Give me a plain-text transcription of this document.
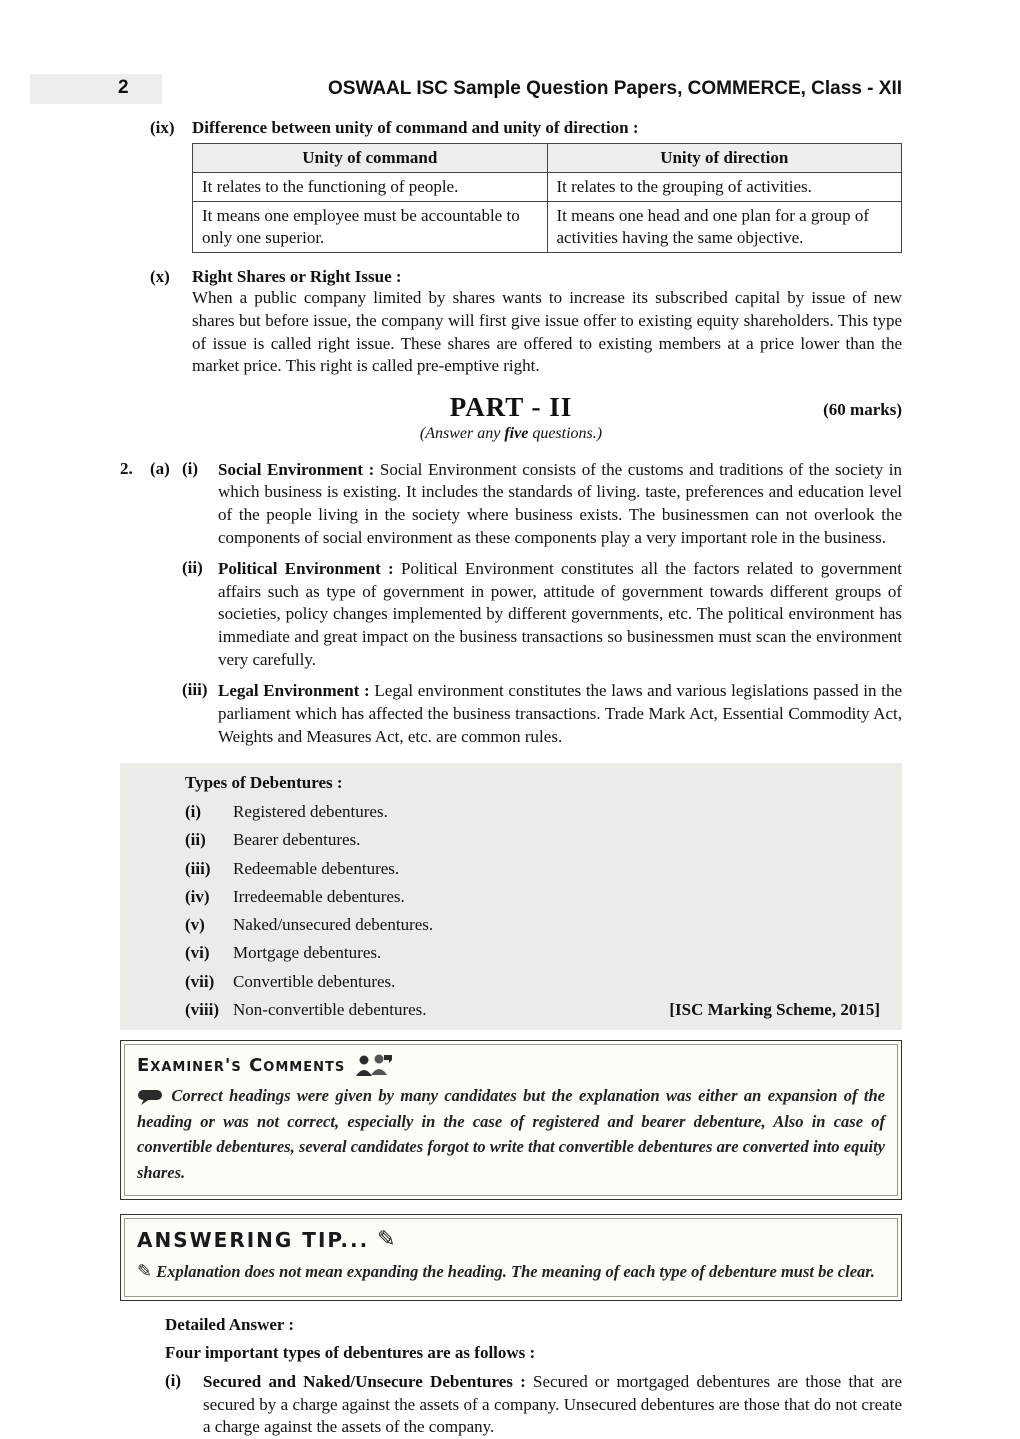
2	OSWAAL ISC Sample Question Papers, COMMERCE, Class - XII
(ix)	Difference between unity of command and unity of direction :
Unity of command	Unity of direction
It relates to the functioning of people.	It relates to the grouping of activities.
It means one employee must be accountable to only one superior.	It means one head and one plan for a group of activities having the same objective.
(x)	Right Shares or Right Issue :

When a public company limited by shares wants to increase its subscribed capital by issue of new shares but before issue, the company will first give issue offer to existing equity shareholders. This type of issue is called right issue. These shares are offered to existing members at a price lower than the market price. This right is called pre-emptive right.

PART - II	(60 marks)
(Answer any five questions.)
2.	(a) (i)	Social Environment : Social Environment consists of the customs and traditions of the society in which business is existing. It includes the standards of living. taste, preferences and education level of the people living in the society where business exists. The businessmen can not overlook the components of social environment as these components play a very important role in the business.

(ii) Political Environment : Political Environment constitutes all the factors related to government affairs such as type of government in power, attitude of government towards different groups of societies, policy changes implemented by different governments, etc. The political environment has immediate and great impact on the business transactions so businessmen must scan the environment very carefully.

(iii) Legal Environment : Legal environment constitutes the laws and various legislations passed in the parliament which has affected the business transactions. Trade Mark Act, Essential Commodity Act, Weights and Measures Act, etc. are common rules.

Types of Debentures :
(i)	Registered debentures.
(ii)	Bearer debentures.
(iii)	Redeemable debentures.
(iv)	Irredeemable debentures.
(v)	Naked/unsecured debentures.
(vi)	Mortgage debentures.
(vii)	Convertible debentures.
(viii) Non-convertible debentures.	[ISC Marking Scheme, 2015]
Examiner's Comments

Correct headings were given by many candidates but the explanation was either an expansion of the heading or was not correct, especially in the case of registered and bearer debenture, Also in case of convertible debentures, several candidates forgot to write that convertible debentures are converted into equity shares.

ANSWERING TIP... ✎

✎ Explanation does not mean expanding the heading. The meaning of each type of debenture must be clear.

Detailed Answer :
Four important types of debentures are as follows :
(i)	Secured and Naked/Unsecure Debentures : Secured or mortgaged debentures are those that are secured by a charge against the assets of a company. Unsecured debentures are those that do not create a charge against the assets of the company.
